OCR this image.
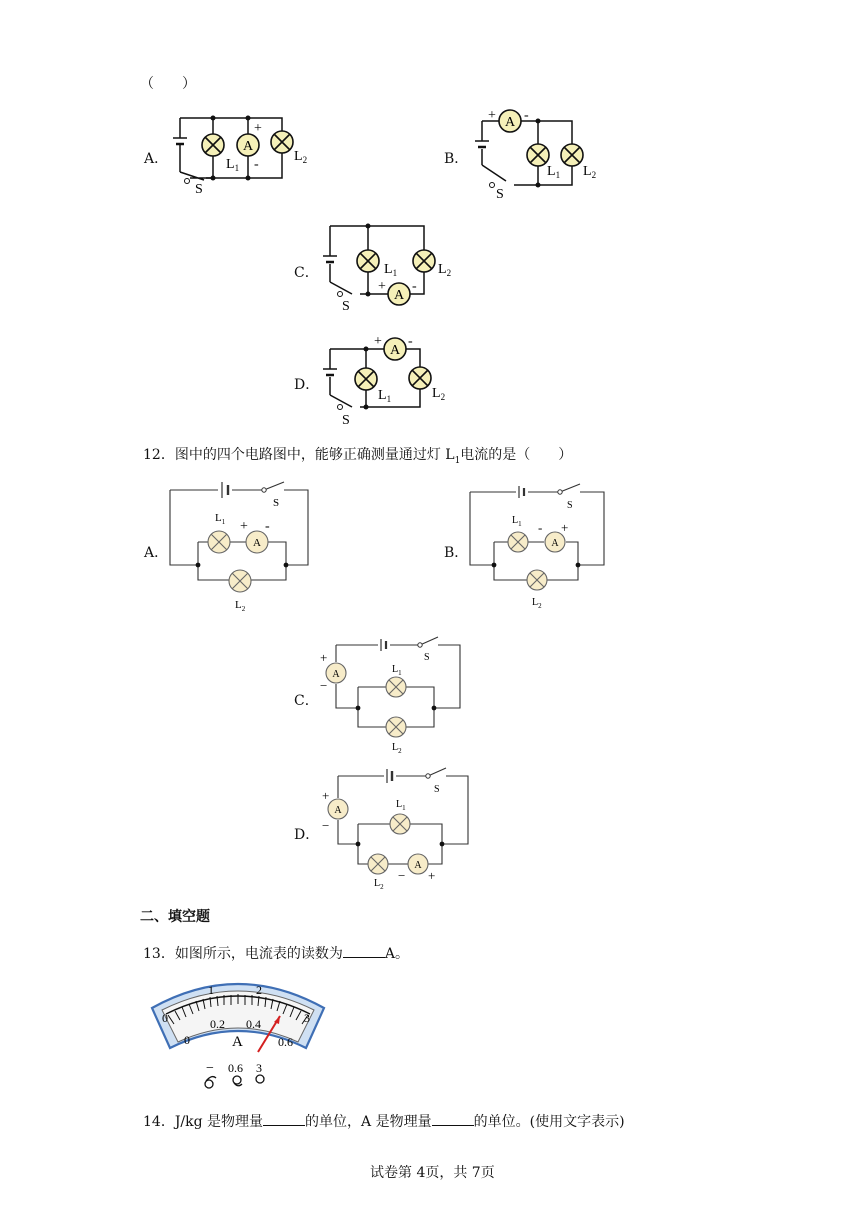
（　　）
A．
A
+
-
$L_1$
$L_2$
S
B．
A
+ -
$L_1$ $L_2$
S
C．
A
+ -
$L_1$	$L_2$
S
D．
A
+ -
$L_1$	$L_2$
S
12．图中的四个电路图中，能够正确测量通过灯 $L_1$电流的是（　　）
A．
A
$L_1$ + -
$L_2$
S
B．
A
$L_1$ - +
$L_2$
S
C．
A
+
−
$L_1$
$L_2$
S
D．
A
A
+
−
$L_1$
$L_2$
− +
S
二、填空题
13．如图所示，电流表的读数为	A。
0
1	2
3
0
0.2 0.4
0.6
A
− 0.6 3
14．J/kg 是物理量	的单位，A 是物理量	的单位。(使用文字表示)
试卷第 4页，共 7页
